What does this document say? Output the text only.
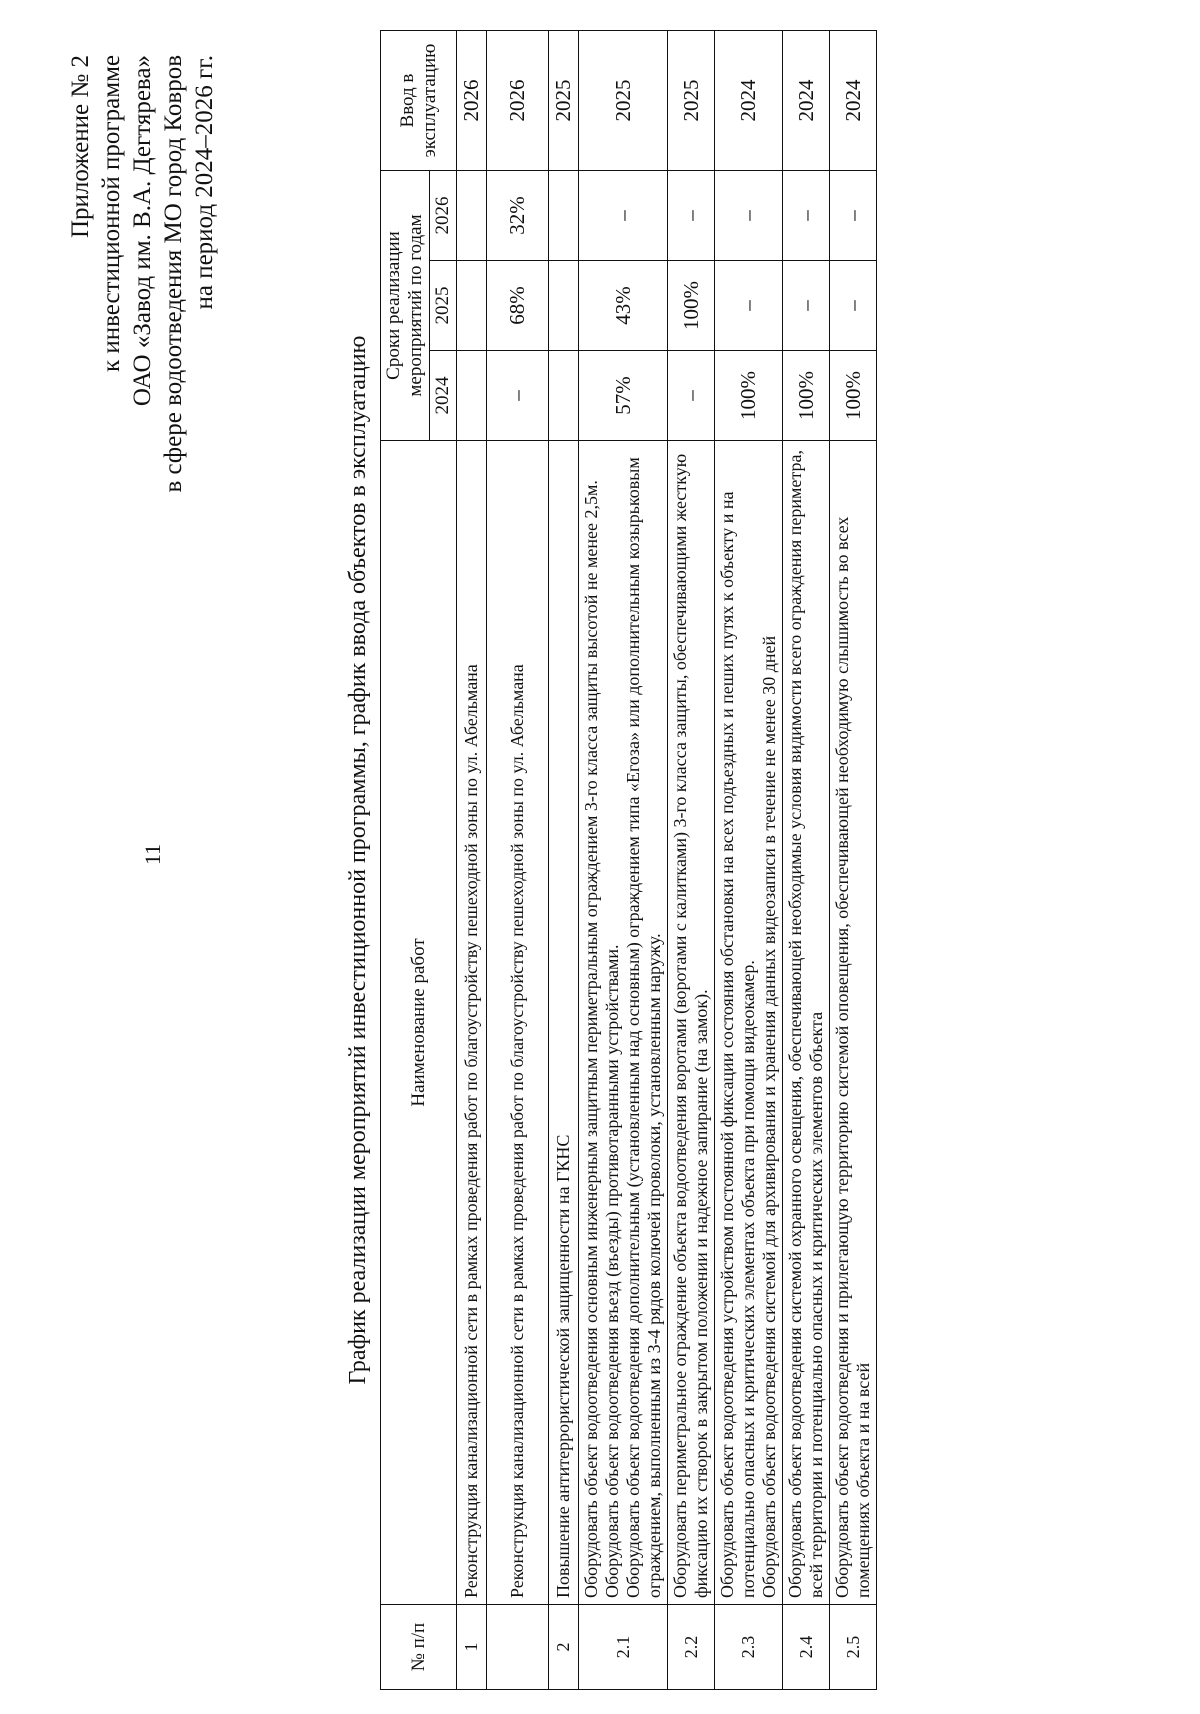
11
Приложение № 2 к инвестиционной программе ОАО «Завод им. В.А. Дегтярева» в сфере водоотведения МО город Ковров на период 2024–2026 гг.
График реализации мероприятий инвестиционной программы, график ввода объектов в эксплуатацию
№ п/п	Наименование работ	Сроки реализации мероприятий по годам			Ввод в эксплуатацию
		2024	2025	2026	
1	Реконструкция канализационной сети в рамках проведения работ по благоустройству пешеходной зоны по ул. Абельмана				2026
	Реконструкция канализационной сети в рамках проведения работ по благоустройству пешеходной зоны по ул. Абельмана	–	68%	32%	2026
2	Повышение антитеррористической защищенности на ГКНС				2025
2.1	Оборудовать объект водоотведения основным инженерным защитным периметральным ограждением 3-го класса защиты высотой не менее 2,5м. Оборудовать объект водоотведения въезд (въезды) противотаранными устройствами. Оборудовать объект водоотведения дополнительным (установленным над основным) ограждением типа «Егоза» или дополнительным козырьковым ограждением, выполненным из 3-4 рядов колючей проволоки, установленным наружу.	57%	43%	–	2025
2.2	Оборудовать периметральное ограждение объекта водоотведения воротами (воротами с калитками) 3-го класса защиты, обеспечивающими жесткую фиксацию их створок в закрытом положении и надежное запирание (на замок).	–	100%	–	2025
2.3	Оборудовать объект водоотведения устройством постоянной фиксации состояния обстановки на всех подъездных и пеших путях к объекту и на потенциально опасных и критических элементах объекта при помощи видеокамер. Оборудовать объект водоотведения системой для архивирования и хранения данных видеозаписи в течение не менее 30 дней	100%	–	–	2024
2.4	Оборудовать объект водоотведения системой охранного освещения, обеспечивающей необходимые условия видимости всего ограждения периметра, всей территории и потенциально опасных и критических элементов объекта	100%	–	–	2024
2.5	Оборудовать объект водоотведения и прилегающую территорию системой оповещения, обеспечивающей необходимую слышимость во всех помещениях объекта и на всей	100%	–	–	2024
